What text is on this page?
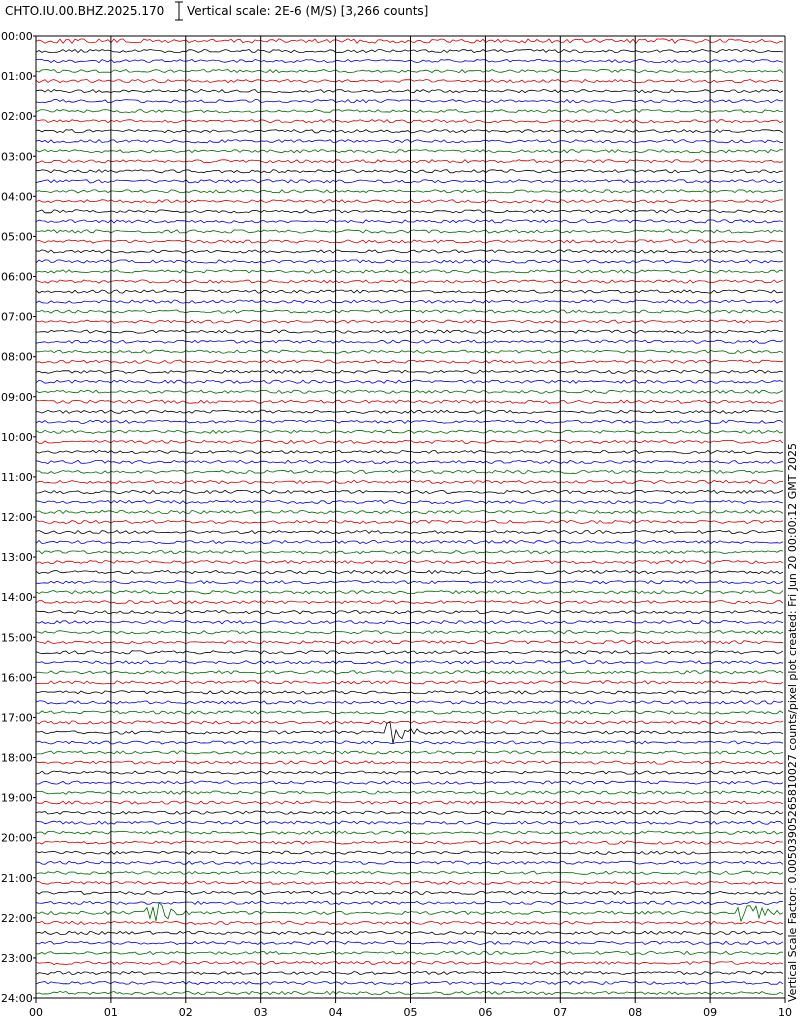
CHTO.IU.00.BHZ.2025.170 Vertical scale: 2E-6 (M/S) [3,266 counts]
00:00
01:00
02:00
03:00
04:00
05:00
06:00
07:00
08:00
09:00
10:00
11:00
12:00
13:00
14:00
15:00
16:00
17:00
18:00
19:00
20:00
21:00
22:00
23:00
24:00
00	01	02	03	04	05	06	07	08	09	10
Vertical Scale Factor: 0.00503905265810027 counts/pixel plot created: Fri Jun 20 00:00:12 GMT 2025
